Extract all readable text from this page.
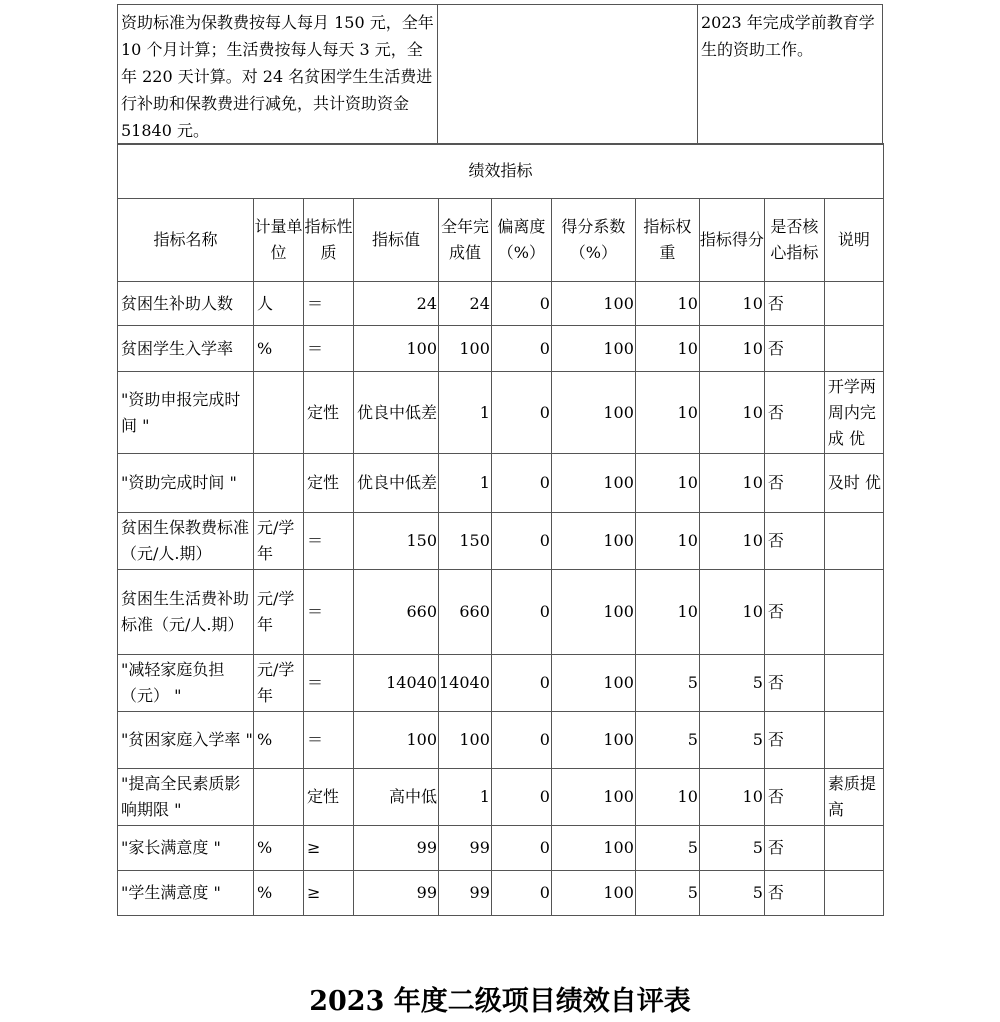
资助标准为保教费按每人每月 150 元，全年 10 个月计算；生活费按每人每天 3 元，全年 220 天计算。对 24 名贫困学生生活费进行补助和保教费进行减免，共计资助资金 51840 元。		2023 年完成学前教育学生的资助工作。
绩效指标										
指标名称	计量单位	指标性质	指标值	全年完成值	偏离度（%）	得分系数（%）	指标权重	指标得分	是否核心指标	说明
贫困生补助人数	人	＝	24	24	0	100	10	10	否	
贫困学生入学率	%	＝	100	100	0	100	10	10	否	
"资助申报完成时间 "		定性	优良中低差	1	0	100	10	10	否	开学两周内完成 优
"资助完成时间 "		定性	优良中低差	1	0	100	10	10	否	及时 优
贫困生保教费标准（元/人.期）	元/学年	＝	150	150	0	100	10	10	否	
贫困生生活费补助标准（元/人.期）	元/学年	＝	660	660	0	100	10	10	否	
"减轻家庭负担（元） "	元/学年	＝	14040	14040	0	100	5	5	否	
"贫困家庭入学率 "	%	＝	100	100	0	100	5	5	否	
"提高全民素质影响期限 "		定性	高中低	1	0	100	10	10	否	素质提高
"家长满意度 "	%	≥	99	99	0	100	5	5	否	
"学生满意度 "	%	≥	99	99	0	100	5	5	否	
2023 年度二级项目绩效自评表
